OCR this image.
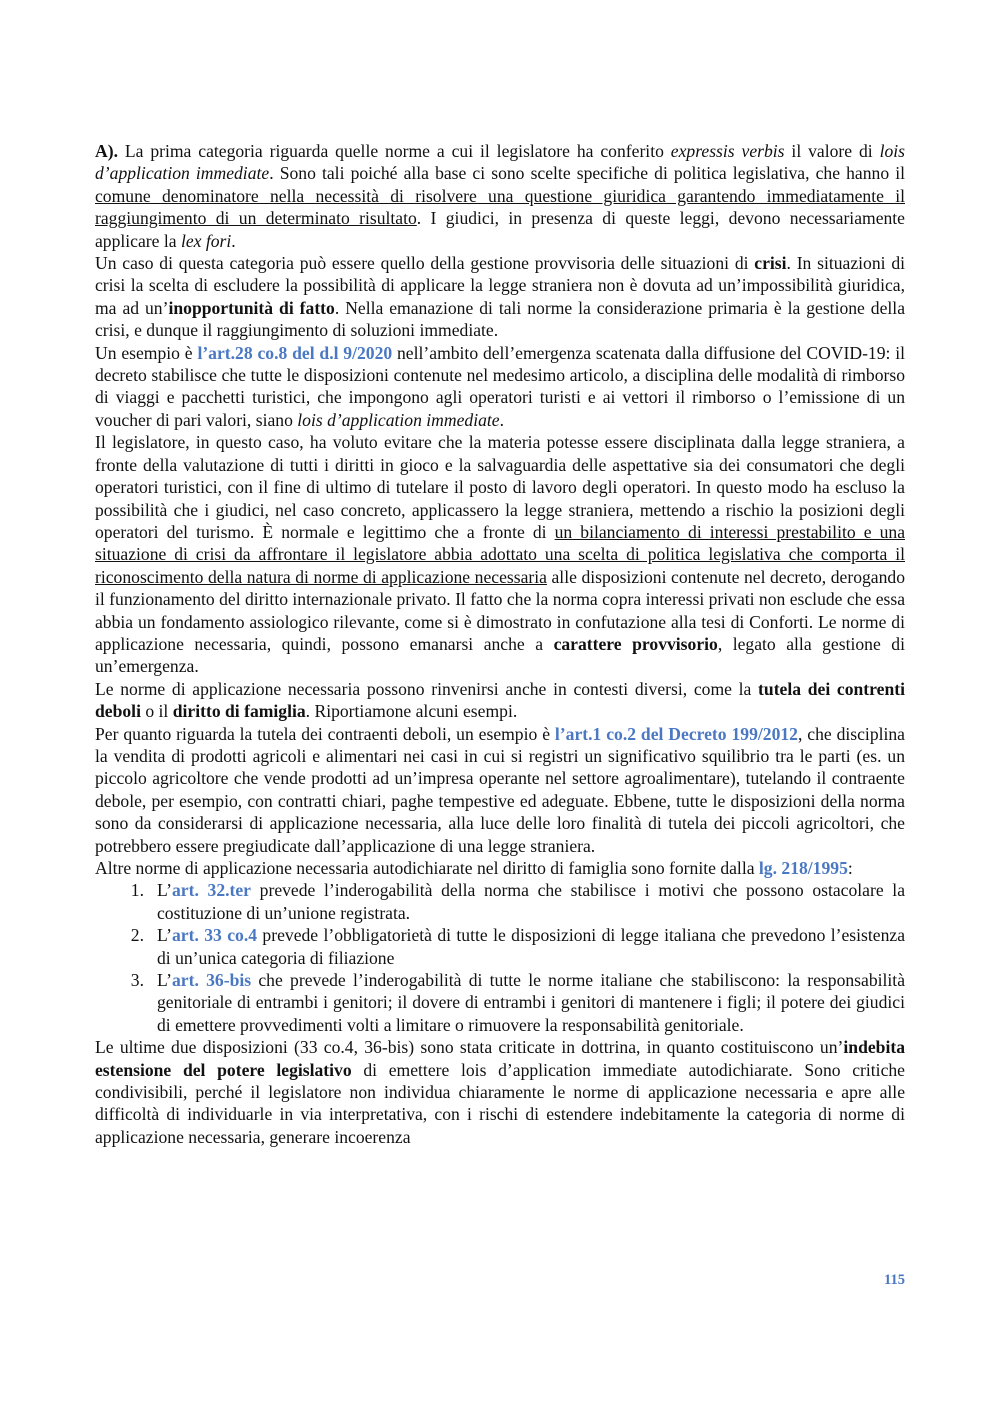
A). La prima categoria riguarda quelle norme a cui il legislatore ha conferito expressis verbis il valore di lois d’application immediate. Sono tali poiché alla base ci sono scelte specifiche di politica legislativa, che hanno il comune denominatore nella necessità di risolvere una questione giuridica garantendo immediatamente il raggiungimento di un determinato risultato. I giudici, in presenza di queste leggi, devono necessariamente applicare la lex fori.

Un caso di questa categoria può essere quello della gestione provvisoria delle situazioni di crisi. In situazioni di crisi la scelta di escludere la possibilità di applicare la legge straniera non è dovuta ad un’impossibilità giuridica, ma ad un’inopportunità di fatto. Nella emanazione di tali norme la considerazione primaria è la gestione della crisi, e dunque il raggiungimento di soluzioni immediate.

Un esempio è l’art.28 co.8 del d.l 9/2020 nell’ambito dell’emergenza scatenata dalla diffusione del COVID-19: il decreto stabilisce che tutte le disposizioni contenute nel medesimo articolo, a disciplina delle modalità di rimborso di viaggi e pacchetti turistici, che impongono agli operatori turisti e ai vettori il rimborso o l’emissione di un voucher di pari valori, siano lois d’application immediate.

Il legislatore, in questo caso, ha voluto evitare che la materia potesse essere disciplinata dalla legge straniera, a fronte della valutazione di tutti i diritti in gioco e la salvaguardia delle aspettative sia dei consumatori che degli operatori turistici, con il fine di ultimo di tutelare il posto di lavoro degli operatori. In questo modo ha escluso la possibilità che i giudici, nel caso concreto, applicassero la legge straniera, mettendo a rischio la posizioni degli operatori del turismo. È normale e legittimo che a fronte di un bilanciamento di interessi prestabilito e una situazione di crisi da affrontare il legislatore abbia adottato una scelta di politica legislativa che comporta il riconoscimento della natura di norme di applicazione necessaria alle disposizioni contenute nel decreto, derogando il funzionamento del diritto internazionale privato. Il fatto che la norma copra interessi privati non esclude che essa abbia un fondamento assiologico rilevante, come si è dimostrato in confutazione alla tesi di Conforti. Le norme di applicazione necessaria, quindi, possono emanarsi anche a carattere provvisorio, legato alla gestione di un’emergenza.

Le norme di applicazione necessaria possono rinvenirsi anche in contesti diversi, come la tutela dei contrenti deboli o il diritto di famiglia. Riportiamone alcuni esempi.

Per quanto riguarda la tutela dei contraenti deboli, un esempio è l’art.1 co.2 del Decreto 199/2012, che disciplina la vendita di prodotti agricoli e alimentari nei casi in cui si registri un significativo squilibrio tra le parti (es. un piccolo agricoltore che vende prodotti ad un’impresa operante nel settore agroalimentare), tutelando il contraente debole, per esempio, con contratti chiari, paghe tempestive ed adeguate. Ebbene, tutte le disposizioni della norma sono da considerarsi di applicazione necessaria, alla luce delle loro finalità di tutela dei piccoli agricoltori, che potrebbero essere pregiudicate dall’applicazione di una legge straniera.

Altre norme di applicazione necessaria autodichiarate nel diritto di famiglia sono fornite dalla lg. 218/1995:

1. L’art. 32.ter prevede l’inderogabilità della norma che stabilisce i motivi che possono ostacolare la costituzione di un’unione registrata.
2. L’art. 33 co.4 prevede l’obbligatorietà di tutte le disposizioni di legge italiana che prevedono l’esistenza di un’unica categoria di filiazione
3. L’art. 36-bis che prevede l’inderogabilità di tutte le norme italiane che stabiliscono: la responsabilità genitoriale di entrambi i genitori; il dovere di entrambi i genitori di mantenere i figli; il potere dei giudici di emettere provvedimenti volti a limitare o rimuovere la responsabilità genitoriale.

Le ultime due disposizioni (33 co.4, 36-bis) sono stata criticate in dottrina, in quanto costituiscono un’indebita estensione del potere legislativo di emettere lois d’application immediate autodichiarate. Sono critiche condivisibili, perché il legislatore non individua chiaramente le norme di applicazione necessaria e apre alle difficoltà di individuarle in via interpretativa, con i rischi di estendere indebitamente la categoria di norme di applicazione necessaria, generare incoerenza

115
